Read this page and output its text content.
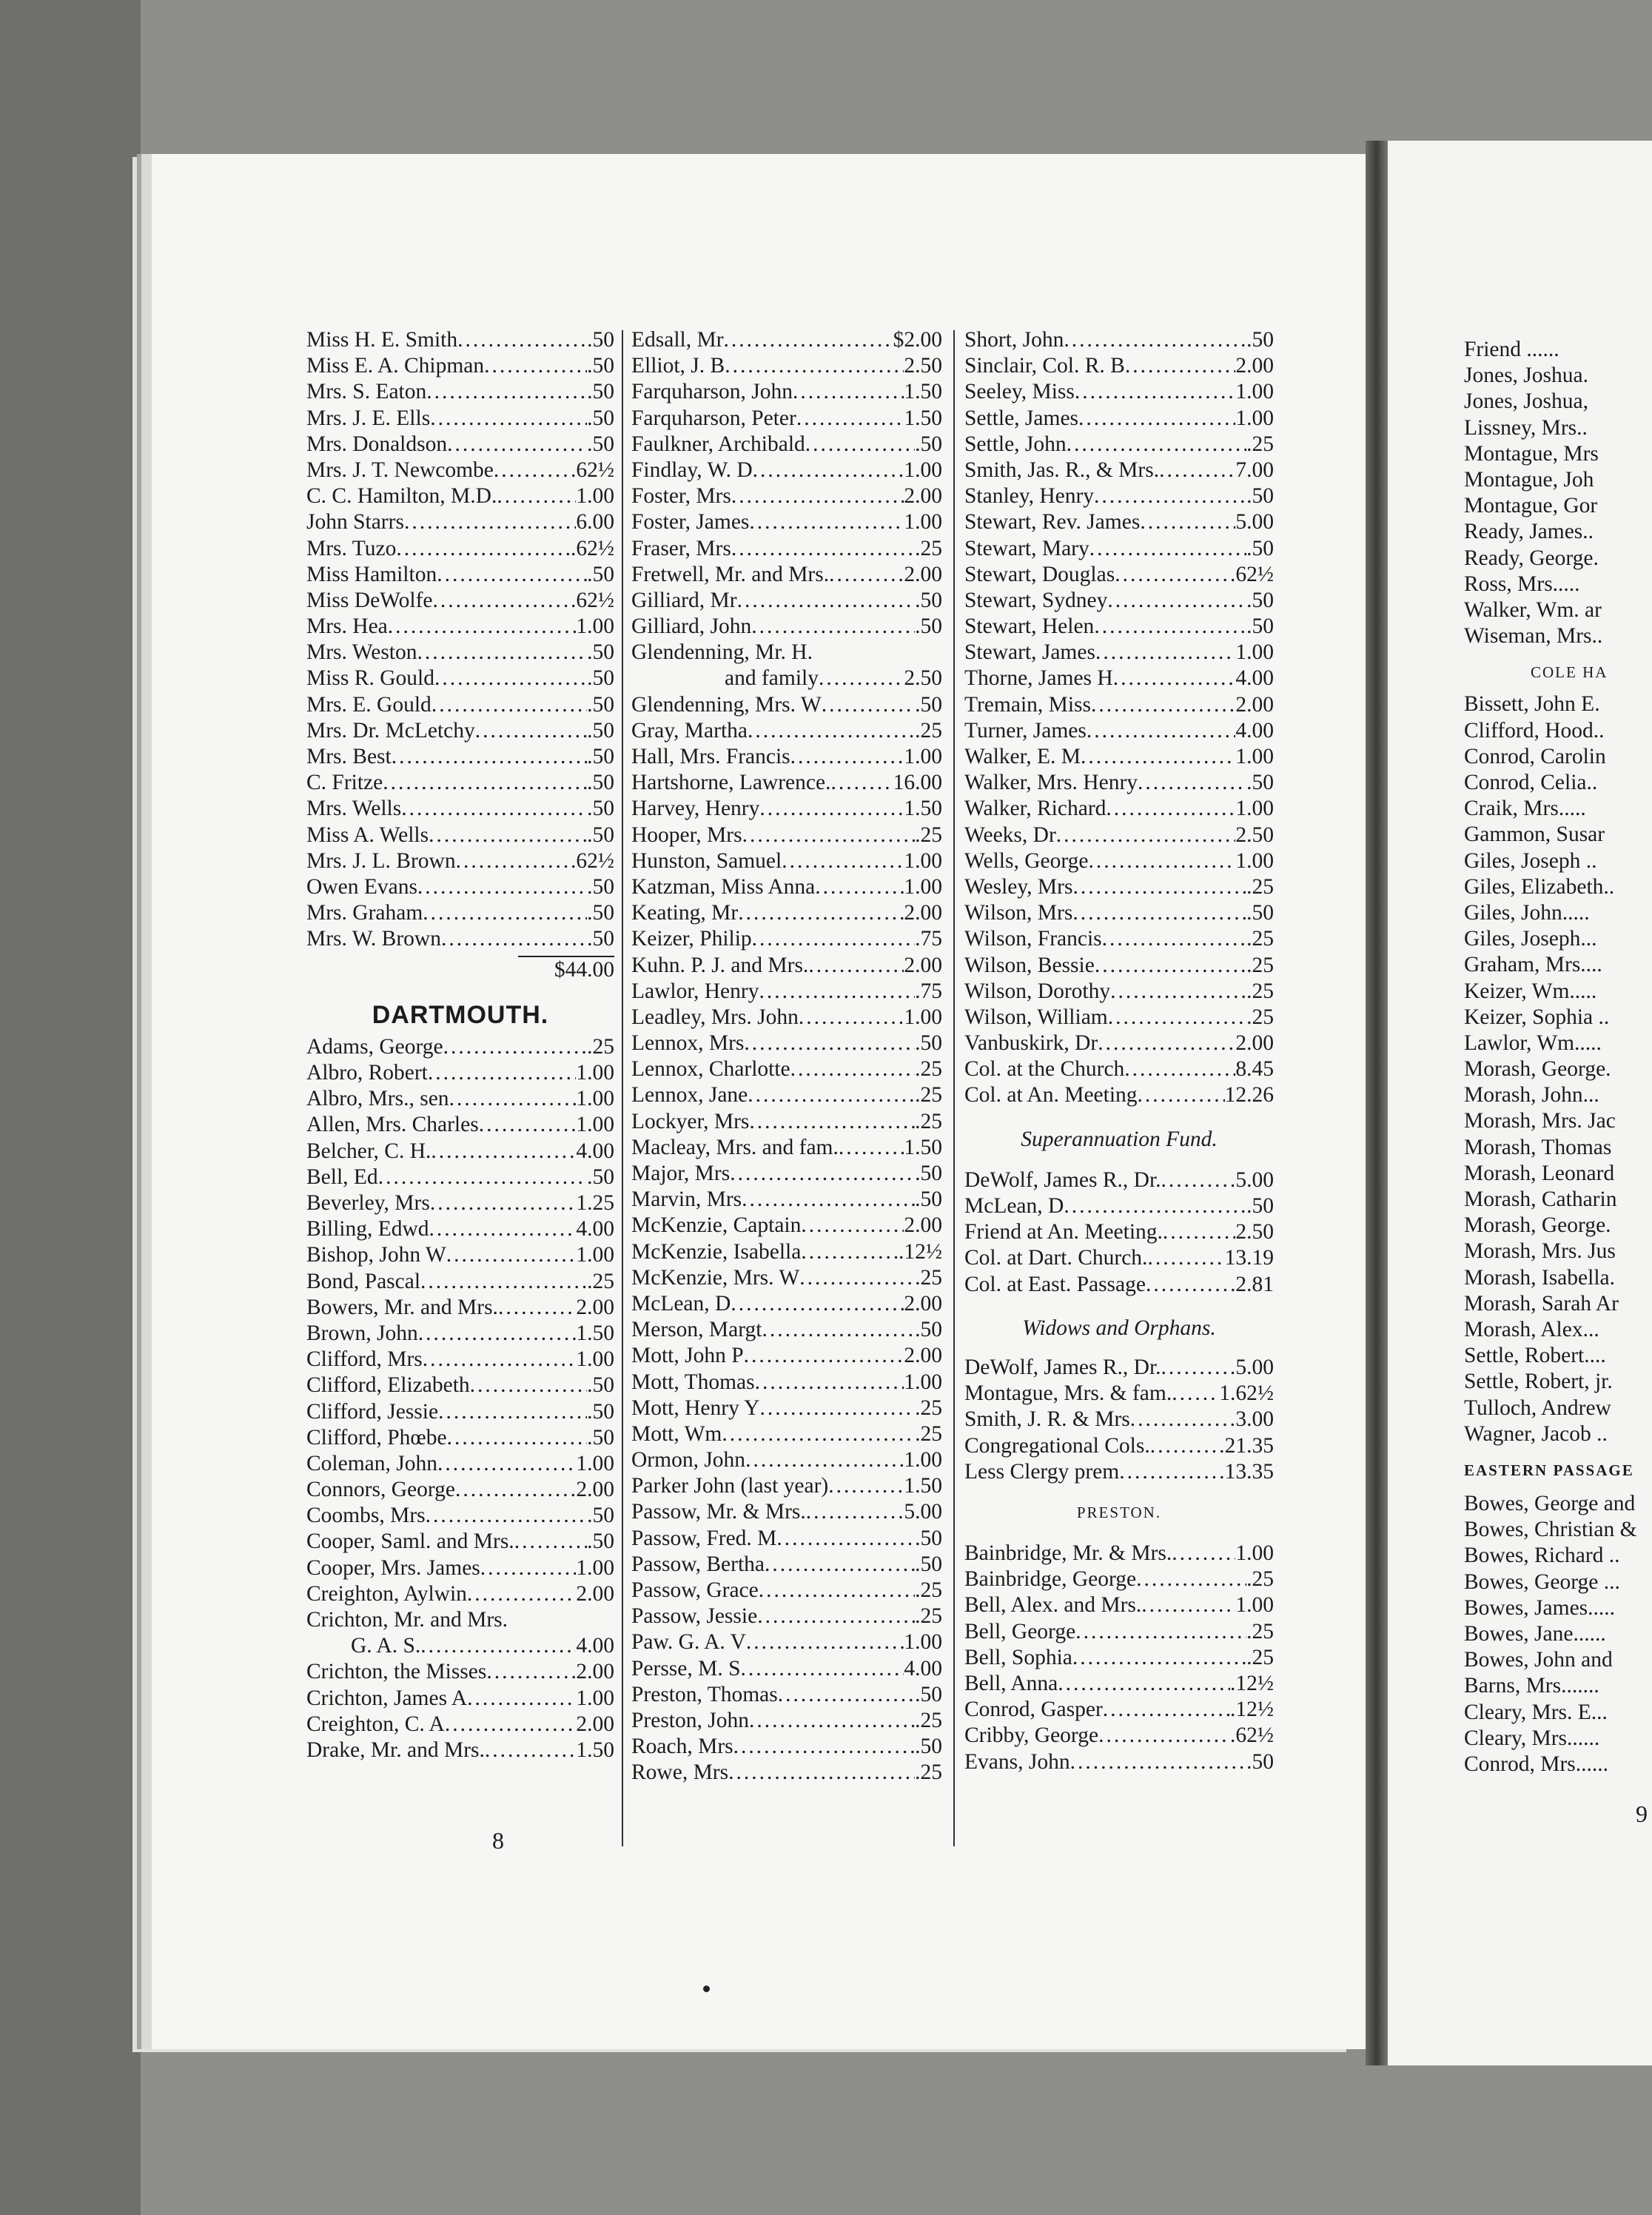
Miss H. E. Smith .....	.50
Miss E. A. Chipman .....	.50
Mrs. S. Eaton .....	.50
Mrs. J. E. Ells .....	.50
Mrs. Donaldson .....	.50
Mrs. J. T. Newcombe .....	.62½
C. C. Hamilton, M.D. .....	1.00
John Starrs .....	6.00
Mrs. Tuzo .....	.62½
Miss Hamilton .....	.50
Miss DeWolfe .....	.62½
Mrs. Hea .....	1.00
Mrs. Weston .....	.50
Miss R. Gould .....	.50
Mrs. E. Gould .....	.50
Mrs. Dr. McLetchy .....	.50
Mrs. Best .....	.50
C. Fritze .....	.50
Mrs. Wells .....	.50
Miss A. Wells .....	.50
Mrs. J. L. Brown .....	.62½
Owen Evans .....	.50
Mrs. Graham .....	.50
Mrs. W. Brown .....	.50
$44.00
DARTMOUTH.
Adams, George .....	.25
Albro, Robert .....	1.00
Albro, Mrs., sen .....	1.00
Allen, Mrs. Charles .....	1.00
Belcher, C. H. .....	4.00
Bell, Ed .....	.50
Beverley, Mrs .....	1.25
Billing, Edwd .....	4.00
Bishop, John W .....	1.00
Bond, Pascal .....	.25
Bowers, Mr. and Mrs. .....	2.00
Brown, John .....	1.50
Clifford, Mrs .....	1.00
Clifford, Elizabeth .....	.50
Clifford, Jessie .....	.50
Clifford, Phœbe .....	.50
Coleman, John .....	1.00
Connors, George .....	2.00
Coombs, Mrs .....	.50
Cooper, Saml. and Mrs. .....	.50
Cooper, Mrs. James .....	1.00
Creighton, Aylwin .....	2.00
Crichton, Mr. and Mrs.
G. A. S. .....	4.00
Crichton, the Misses .....	2.00
Crichton, James A .....	1.00
Creighton, C. A .....	2.00
Drake, Mr. and Mrs. .....	1.50
Edsall, Mr .....	$2.00
Elliot, J. B .....	2.50
Farquharson, John .....	1.50
Farquharson, Peter .....	1.50
Faulkner, Archibald .....	.50
Findlay, W. D .....	1.00
Foster, Mrs .....	2.00
Foster, James .....	1.00
Fraser, Mrs .....	.25
Fretwell, Mr. and Mrs. .....	2.00
Gilliard, Mr .....	.50
Gilliard, John .....	.50
Glendenning, Mr. H.
and family .....	2.50
Glendenning, Mrs. W .....	.50
Gray, Martha .....	.25
Hall, Mrs. Francis .....	1.00
Hartshorne, Lawrence. .....	16.00
Harvey, Henry .....	1.50
Hooper, Mrs .....	.25
Hunston, Samuel .....	1.00
Katzman, Miss Anna .....	1.00
Keating, Mr .....	2.00
Keizer, Philip .....	.75
Kuhn. P. J. and Mrs. .....	2.00
Lawlor, Henry .....	.75
Leadley, Mrs. John .....	1.00
Lennox, Mrs .....	.50
Lennox, Charlotte .....	.25
Lennox, Jane .....	.25
Lockyer, Mrs .....	.25
Macleay, Mrs. and fam. .....	1.50
Major, Mrs .....	.50
Marvin, Mrs .....	.50
McKenzie, Captain .....	2.00
McKenzie, Isabella .....	.12½
McKenzie, Mrs. W .....	.25
McLean, D .....	2.00
Merson, Margt .....	.50
Mott, John P .....	2.00
Mott, Thomas .....	1.00
Mott, Henry Y .....	.25
Mott, Wm .....	.25
Ormon, John .....	1.00
Parker John (last year) .....	1.50
Passow, Mr. & Mrs. .....	5.00
Passow, Fred. M .....	.50
Passow, Bertha .....	.50
Passow, Grace .....	.25
Passow, Jessie .....	.25
Paw. G. A. V .....	1.00
Persse, M. S .....	4.00
Preston, Thomas .....	.50
Preston, John .....	.25
Roach, Mrs .....	.50
Rowe, Mrs .....	.25
Short, John .....	.50
Sinclair, Col. R. B .....	2.00
Seeley, Miss .....	1.00
Settle, James .....	1.00
Settle, John .....	.25
Smith, Jas. R., & Mrs. .....	7.00
Stanley, Henry .....	.50
Stewart, Rev. James .....	5.00
Stewart, Mary .....	.50
Stewart, Douglas .....	.62½
Stewart, Sydney .....	.50
Stewart, Helen .....	.50
Stewart, James .....	1.00
Thorne, James H .....	4.00
Tremain, Miss .....	2.00
Turner, James .....	4.00
Walker, E. M .....	1.00
Walker, Mrs. Henry .....	.50
Walker, Richard .....	1.00
Weeks, Dr .....	2.50
Wells, George .....	1.00
Wesley, Mrs .....	.25
Wilson, Mrs .....	.50
Wilson, Francis .....	.25
Wilson, Bessie .....	.25
Wilson, Dorothy .....	.25
Wilson, William .....	.25
Vanbuskirk, Dr .....	2.00
Col. at the Church .....	8.45
Col. at An. Meeting .....	12.26
Superannuation Fund.
DeWolf, James R., Dr. .....	5.00
McLean, D .....	.50
Friend at An. Meeting. .....	2.50
Col. at Dart. Church. .....	13.19
Col. at East. Passage .....	2.81
Widows and Orphans.
DeWolf, James R., Dr. .....	5.00
Montague, Mrs. & fam. ..... 1.62½
Smith, J. R. & Mrs .....	3.00
Congregational Cols. .....	21.35
Less Clergy prem .....	13.35
PRESTON.
Bainbridge, Mr. & Mrs. .....	1.00
Bainbridge, George .....	.25
Bell, Alex. and Mrs. .....	1.00
Bell, George .....	.25
Bell, Sophia .....	.25
Bell, Anna .....	.12½
Conrod, Gasper .....	.12½
Cribby, George .....	.62½
Evans, John .....	.50
8
Friend ......
Jones, Joshua.
Jones, Joshua,
Lissney, Mrs..
Montague, Mrs
Montague, Joh
Montague, Gor
Ready, James..
Ready, George.
Ross, Mrs.....
Walker, Wm. ar
Wiseman, Mrs..
COLE HA
Bissett, John E.
Clifford, Hood..
Conrod, Carolin
Conrod, Celia..
Craik, Mrs.....
Gammon, Susar
Giles, Joseph ..
Giles, Elizabeth..
Giles, John.....
Giles, Joseph...
Graham, Mrs....
Keizer, Wm.....
Keizer, Sophia ..
Lawlor, Wm.....
Morash, George.
Morash, John...
Morash, Mrs. Jac
Morash, Thomas
Morash, Leonard
Morash, Catharin
Morash, George.
Morash, Mrs. Jus
Morash, Isabella.
Morash, Sarah Ar
Morash, Alex...
Settle, Robert....
Settle, Robert, jr.
Tulloch, Andrew
Wagner, Jacob ..
EASTERN PASSAGE
Bowes, George and
Bowes, Christian &
Bowes, Richard ..
Bowes, George ...
Bowes, James.....
Bowes, Jane......
Bowes, John and
Barns, Mrs.......
Cleary, Mrs. E...
Cleary, Mrs......
Conrod, Mrs......
9
